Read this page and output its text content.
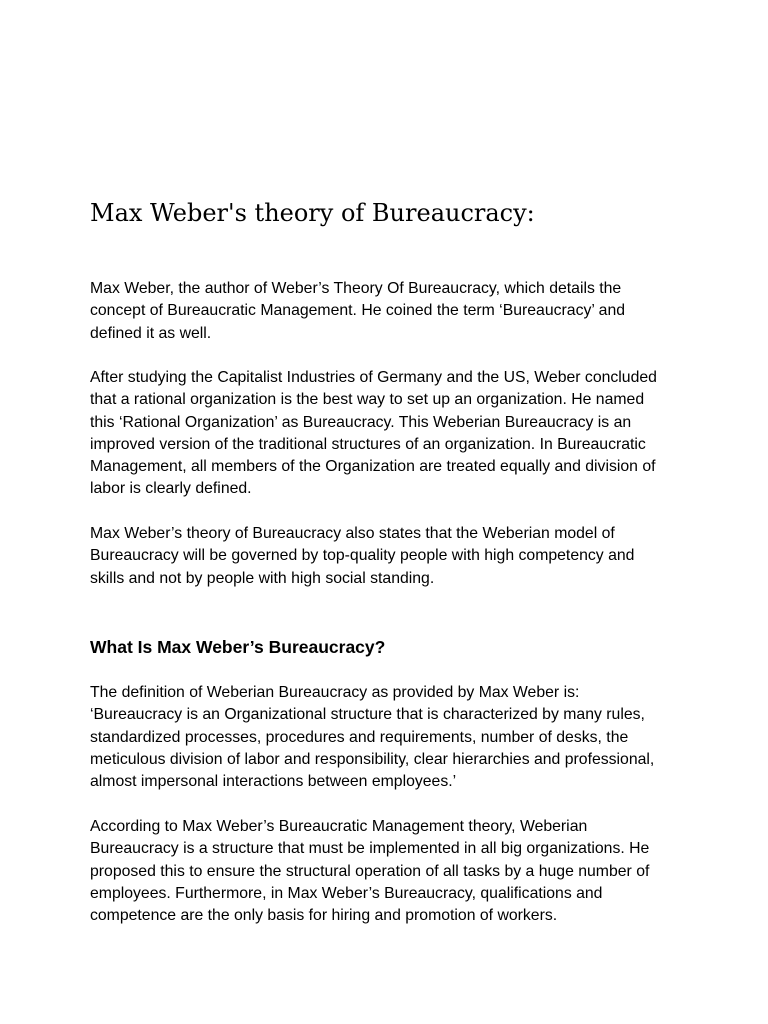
Max Weber's theory of Bureaucracy:

Max Weber, the author of Weber’s Theory Of Bureaucracy, which details the
concept of Bureaucratic Management. He coined the term ‘Bureaucracy’ and
defined it as well.

After studying the Capitalist Industries of Germany and the US, Weber concluded
that a rational organization is the best way to set up an organization. He named
this ‘Rational Organization’ as Bureaucracy. This Weberian Bureaucracy is an
improved version of the traditional structures of an organization. In Bureaucratic
Management, all members of the Organization are treated equally and division of
labor is clearly defined.

Max Weber’s theory of Bureaucracy also states that the Weberian model of
Bureaucracy will be governed by top-quality people with high competency and
skills and not by people with high social standing.

What Is Max Weber’s Bureaucracy?

The definition of Weberian Bureaucracy as provided by Max Weber is:
‘Bureaucracy is an Organizational structure that is characterized by many rules,
standardized processes, procedures and requirements, number of desks, the
meticulous division of labor and responsibility, clear hierarchies and professional,
almost impersonal interactions between employees.’

According to Max Weber’s Bureaucratic Management theory, Weberian
Bureaucracy is a structure that must be implemented in all big organizations. He
proposed this to ensure the structural operation of all tasks by a huge number of
employees. Furthermore, in Max Weber’s Bureaucracy, qualifications and
competence are the only basis for hiring and promotion of workers.
